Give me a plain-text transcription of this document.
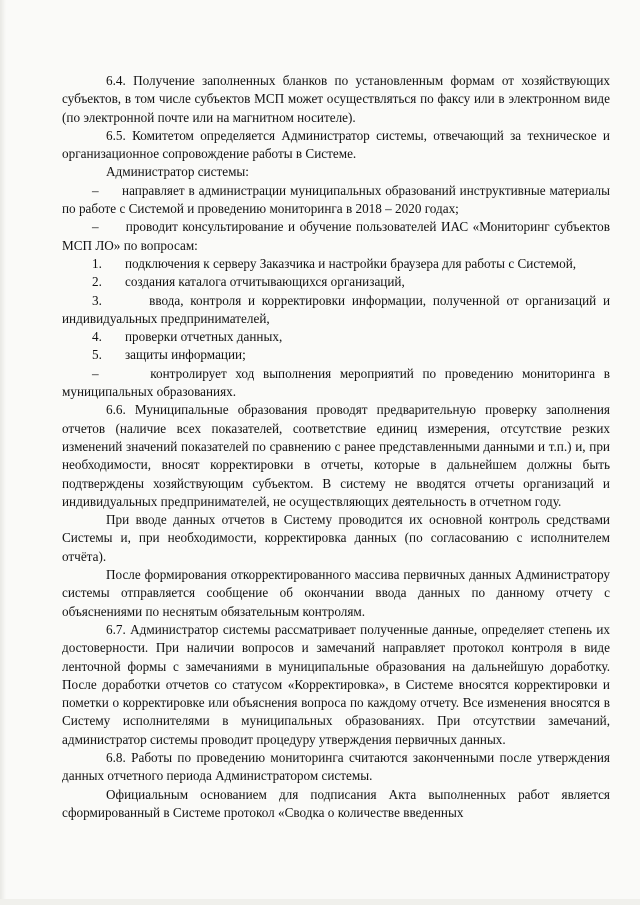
6.4. Получение заполненных бланков по установленным формам от хозяйствующих субъектов, в том числе субъектов МСП может осуществляться по факсу или в электронном виде (по электронной почте или на магнитном носителе).

6.5. Комитетом определяется Администратор системы, отвечающий за техническое и организационное сопровождение работы в Системе.

Администратор системы:

– направляет в администрации муниципальных образований инструктивные материалы по работе с Системой и проведению мониторинга в 2018 – 2020 годах;

– проводит консультирование и обучение пользователей ИАС «Мониторинг субъектов МСП ЛО» по вопросам:

1. подключения к серверу Заказчика и настройки браузера для работы с Системой,

2. создания каталога отчитывающихся организаций,

3.	ввода, контроля и корректировки информации, полученной от организаций и индивидуальных предпринимателей,

4. проверки отчетных данных,

5. защиты информации;

–	контролирует ход выполнения мероприятий по проведению мониторинга в муниципальных образованиях.

6.6. Муниципальные образования проводят предварительную проверку заполнения отчетов (наличие всех показателей, соответствие единиц измерения, отсутствие резких изменений значений показателей по сравнению с ранее представленными данными и т.п.) и, при необходимости, вносят корректировки в отчеты, которые в дальнейшем должны быть подтверждены хозяйствующим субъектом. В систему не вводятся отчеты организаций и индивидуальных предпринимателей, не осуществляющих деятельность в отчетном году.

При вводе данных отчетов в Систему проводится их основной контроль средствами Системы и, при необходимости, корректировка данных (по согласованию с исполнителем отчёта).

После формирования откорректированного массива первичных данных Администратору системы отправляется сообщение об окончании ввода данных по данному отчету с объяснениями по неснятым обязательным контролям.

6.7. Администратор системы рассматривает полученные данные, определяет степень их достоверности. При наличии вопросов и замечаний направляет протокол контроля в виде ленточной формы с замечаниями в муниципальные образования на дальнейшую доработку. После доработки отчетов со статусом «Корректировка», в Системе вносятся корректировки и пометки о корректировке или объяснения вопроса по каждому отчету. Все изменения вносятся в Систему исполнителями в муниципальных образованиях. При отсутствии замечаний, администратор системы проводит процедуру утверждения первичных данных.

6.8. Работы по проведению мониторинга считаются законченными после утверждения данных отчетного периода Администратором системы.

Официальным основанием для подписания Акта выполненных работ является сформированный в Системе протокол «Сводка о количестве введенных
